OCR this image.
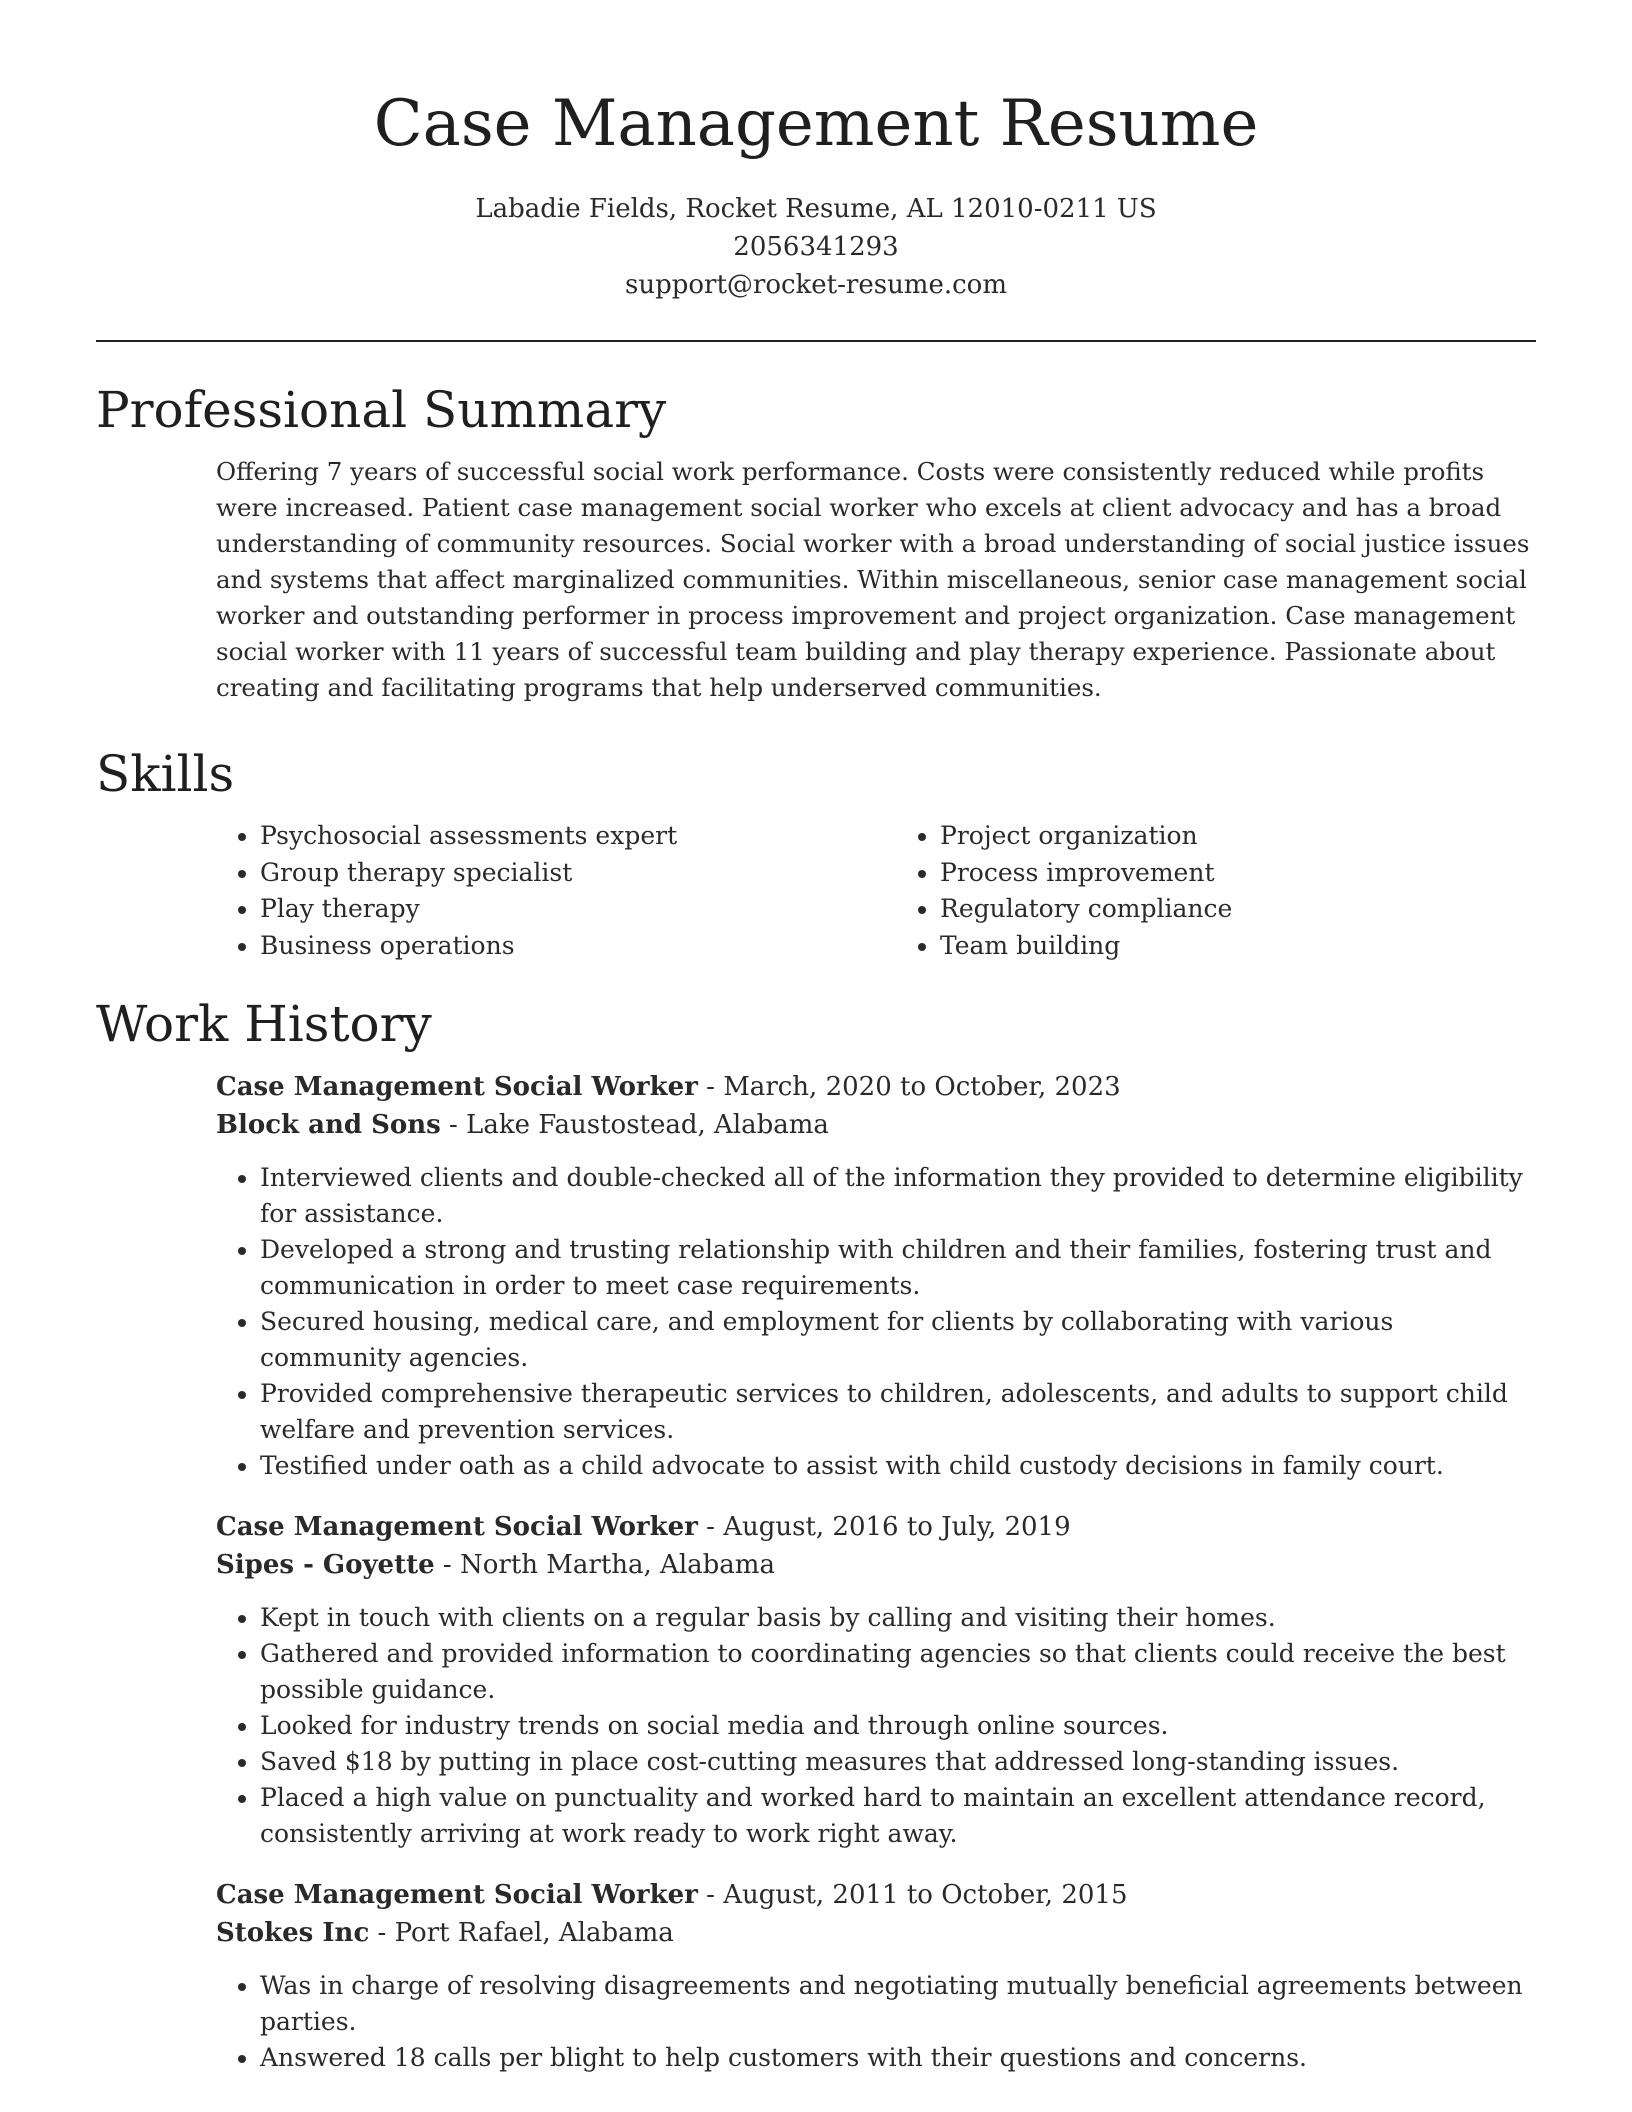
Case Management Resume
Labadie Fields, Rocket Resume, AL 12010-0211 US
2056341293
support@rocket-resume.com
Professional Summary

Offering 7 years of successful social work performance. Costs were consistently reduced while profits were increased. Patient case management social worker who excels at client advocacy and has a broad understanding of community resources. Social worker with a broad understanding of social justice issues and systems that affect marginalized communities. Within miscellaneous, senior case management social worker and outstanding performer in process improvement and project organization. Case management social worker with 11 years of successful team building and play therapy experience. Passionate about creating and facilitating programs that help underserved communities.

Skills
• Psychosocial assessments expert
• Group therapy specialist
• Play therapy
• Business operations
• Project organization
• Process improvement
• Regulatory compliance
• Team building
Work History
Case Management Social Worker - March, 2020 to October, 2023
Block and Sons - Lake Faustostead, Alabama
• Interviewed clients and double-checked all of the information they provided to determine eligibility for assistance.
• Developed a strong and trusting relationship with children and their families, fostering trust and communication in order to meet case requirements.
• Secured housing, medical care, and employment for clients by collaborating with various community agencies.
• Provided comprehensive therapeutic services to children, adolescents, and adults to support child welfare and prevention services.
• Testified under oath as a child advocate to assist with child custody decisions in family court.
Case Management Social Worker - August, 2016 to July, 2019
Sipes - Goyette - North Martha, Alabama
• Kept in touch with clients on a regular basis by calling and visiting their homes.
• Gathered and provided information to coordinating agencies so that clients could receive the best possible guidance.
• Looked for industry trends on social media and through online sources.
• Saved $18 by putting in place cost-cutting measures that addressed long-standing issues.
• Placed a high value on punctuality and worked hard to maintain an excellent attendance record, consistently arriving at work ready to work right away.
Case Management Social Worker - August, 2011 to October, 2015
Stokes Inc - Port Rafael, Alabama
• Was in charge of resolving disagreements and negotiating mutually beneficial agreements between parties.
• Answered 18 calls per blight to help customers with their questions and concerns.
